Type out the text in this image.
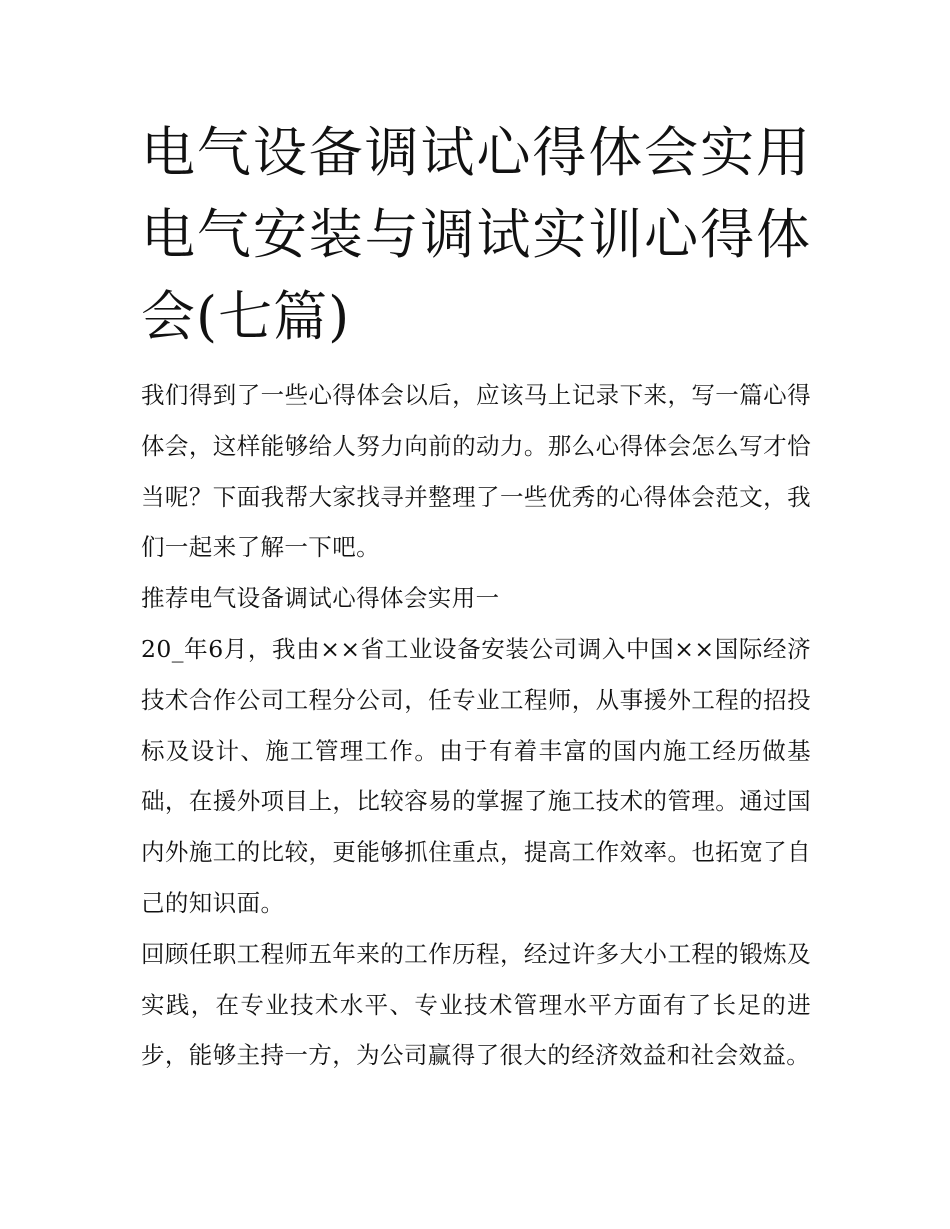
电气设备调试心得体会实用 电气安装与调试实训心得体会(七篇)

我们得到了一些心得体会以后，应该马上记录下来，写一篇心得体会，这样能够给人努力向前的动力。那么心得体会怎么写才恰当呢？下面我帮大家找寻并整理了一些优秀的心得体会范文，我们一起来了解一下吧。

推荐电气设备调试心得体会实用一

20_年6月，我由××省工业设备安装公司调入中国××国际经济技术合作公司工程分公司，任专业工程师，从事援外工程的招投标及设计、施工管理工作。由于有着丰富的国内施工经历做基础，在援外项目上，比较容易的掌握了施工技术的管理。通过国内外施工的比较，更能够抓住重点，提高工作效率。也拓宽了自己的知识面。

回顾任职工程师五年来的工作历程，经过许多大小工程的锻炼及实践，在专业技术水平、专业技术管理水平方面有了长足的进步，能够主持一方，为公司赢得了很大的经济效益和社会效益。
